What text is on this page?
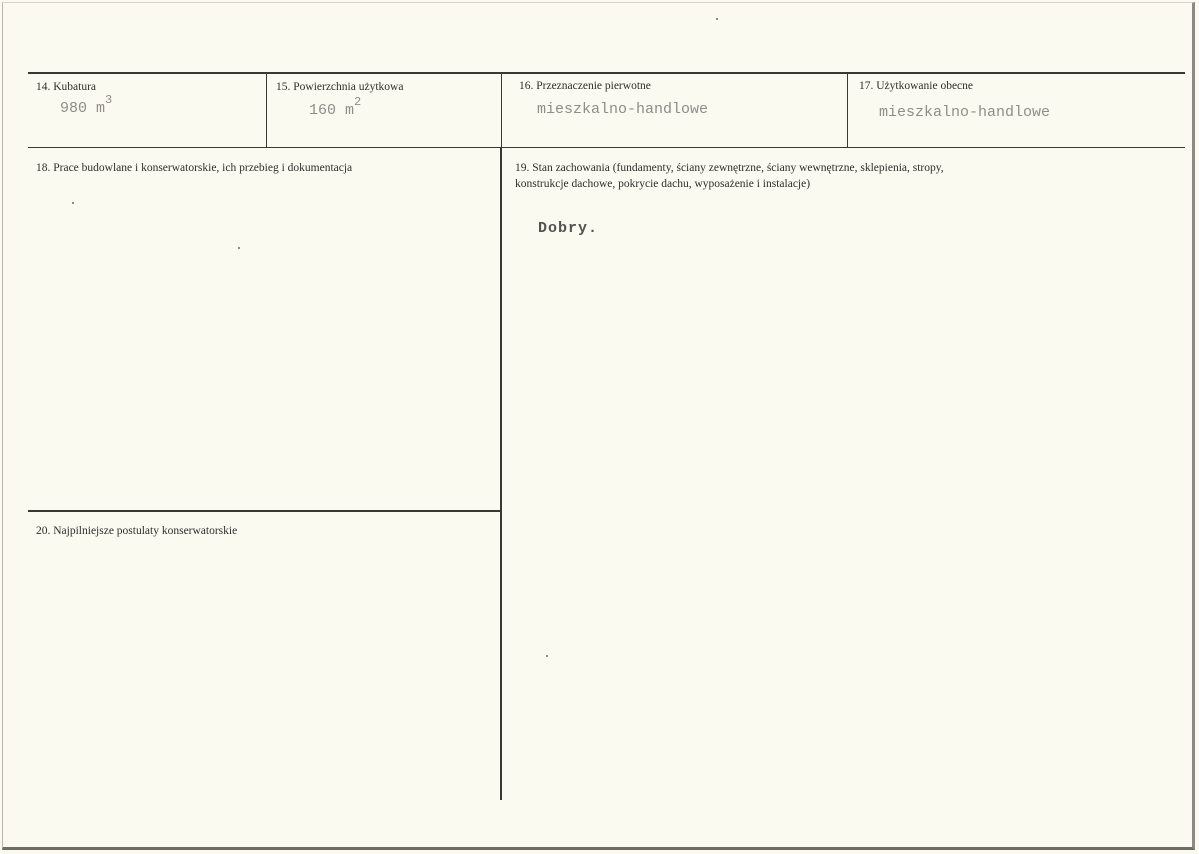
14. Kubatura
980 $m^3$
15. Powierzchnia użytkowa
160 $m^2$
16. Przeznaczenie pierwotne
mieszkalno-handlowe
17. Użytkowanie obecne
mieszkalno-handlowe
18. Prace budowlane i konserwatorskie, ich przebieg i dokumentacja	19. Stan zachowania (fundamenty, ściany zewnętrzne, ściany wewnętrzne, sklepienia, stropy,
konstrukcje dachowe, pokrycie dachu, wyposażenie i instalacje)
Dobry.
20. Najpilniejsze postulaty konserwatorskie
